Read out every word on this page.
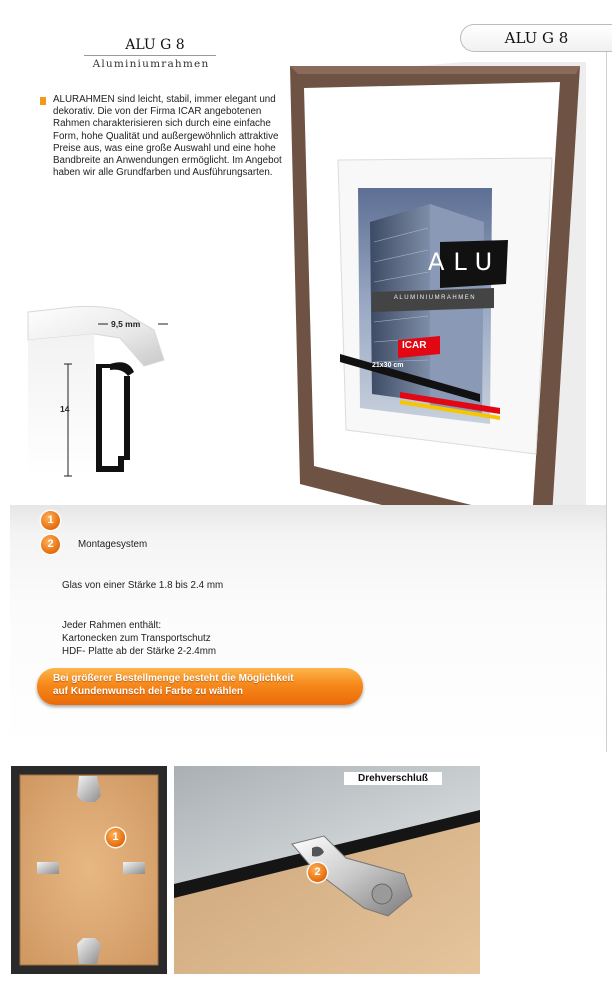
ALU G 8
ALU G 8
Aluminiumrahmen
ALURAHMEN sind leicht, stabil, immer elegant und dekorativ. Die von der Firma ICAR angebotenen Rahmen charakterisieren sich durch eine einfache Form, hohe Qualität und außergewöhnlich attraktive Preise aus, was eine große Auswahl und eine hohe Bandbreite an Anwendungen ermöglicht. Im Angebot haben wir alle Grundfarben und Ausführungsarten.
9,5 mm
14
ALU
ALUMINIUMRAHMEN
ICAR
21x30 cm
1
2	Montagesystem
Glas von einer Stärke 1.8 bis 2.4 mm
Jeder Rahmen enthält:
Kartonecken zum Transportschutz
HDF- Platte ab der Stärke 2-2.4mm
Bei größerer Bestellmenge besteht die Möglichkeit
auf Kundenwunsch dei Farbe zu wählen
1
Drehverschluß
2
